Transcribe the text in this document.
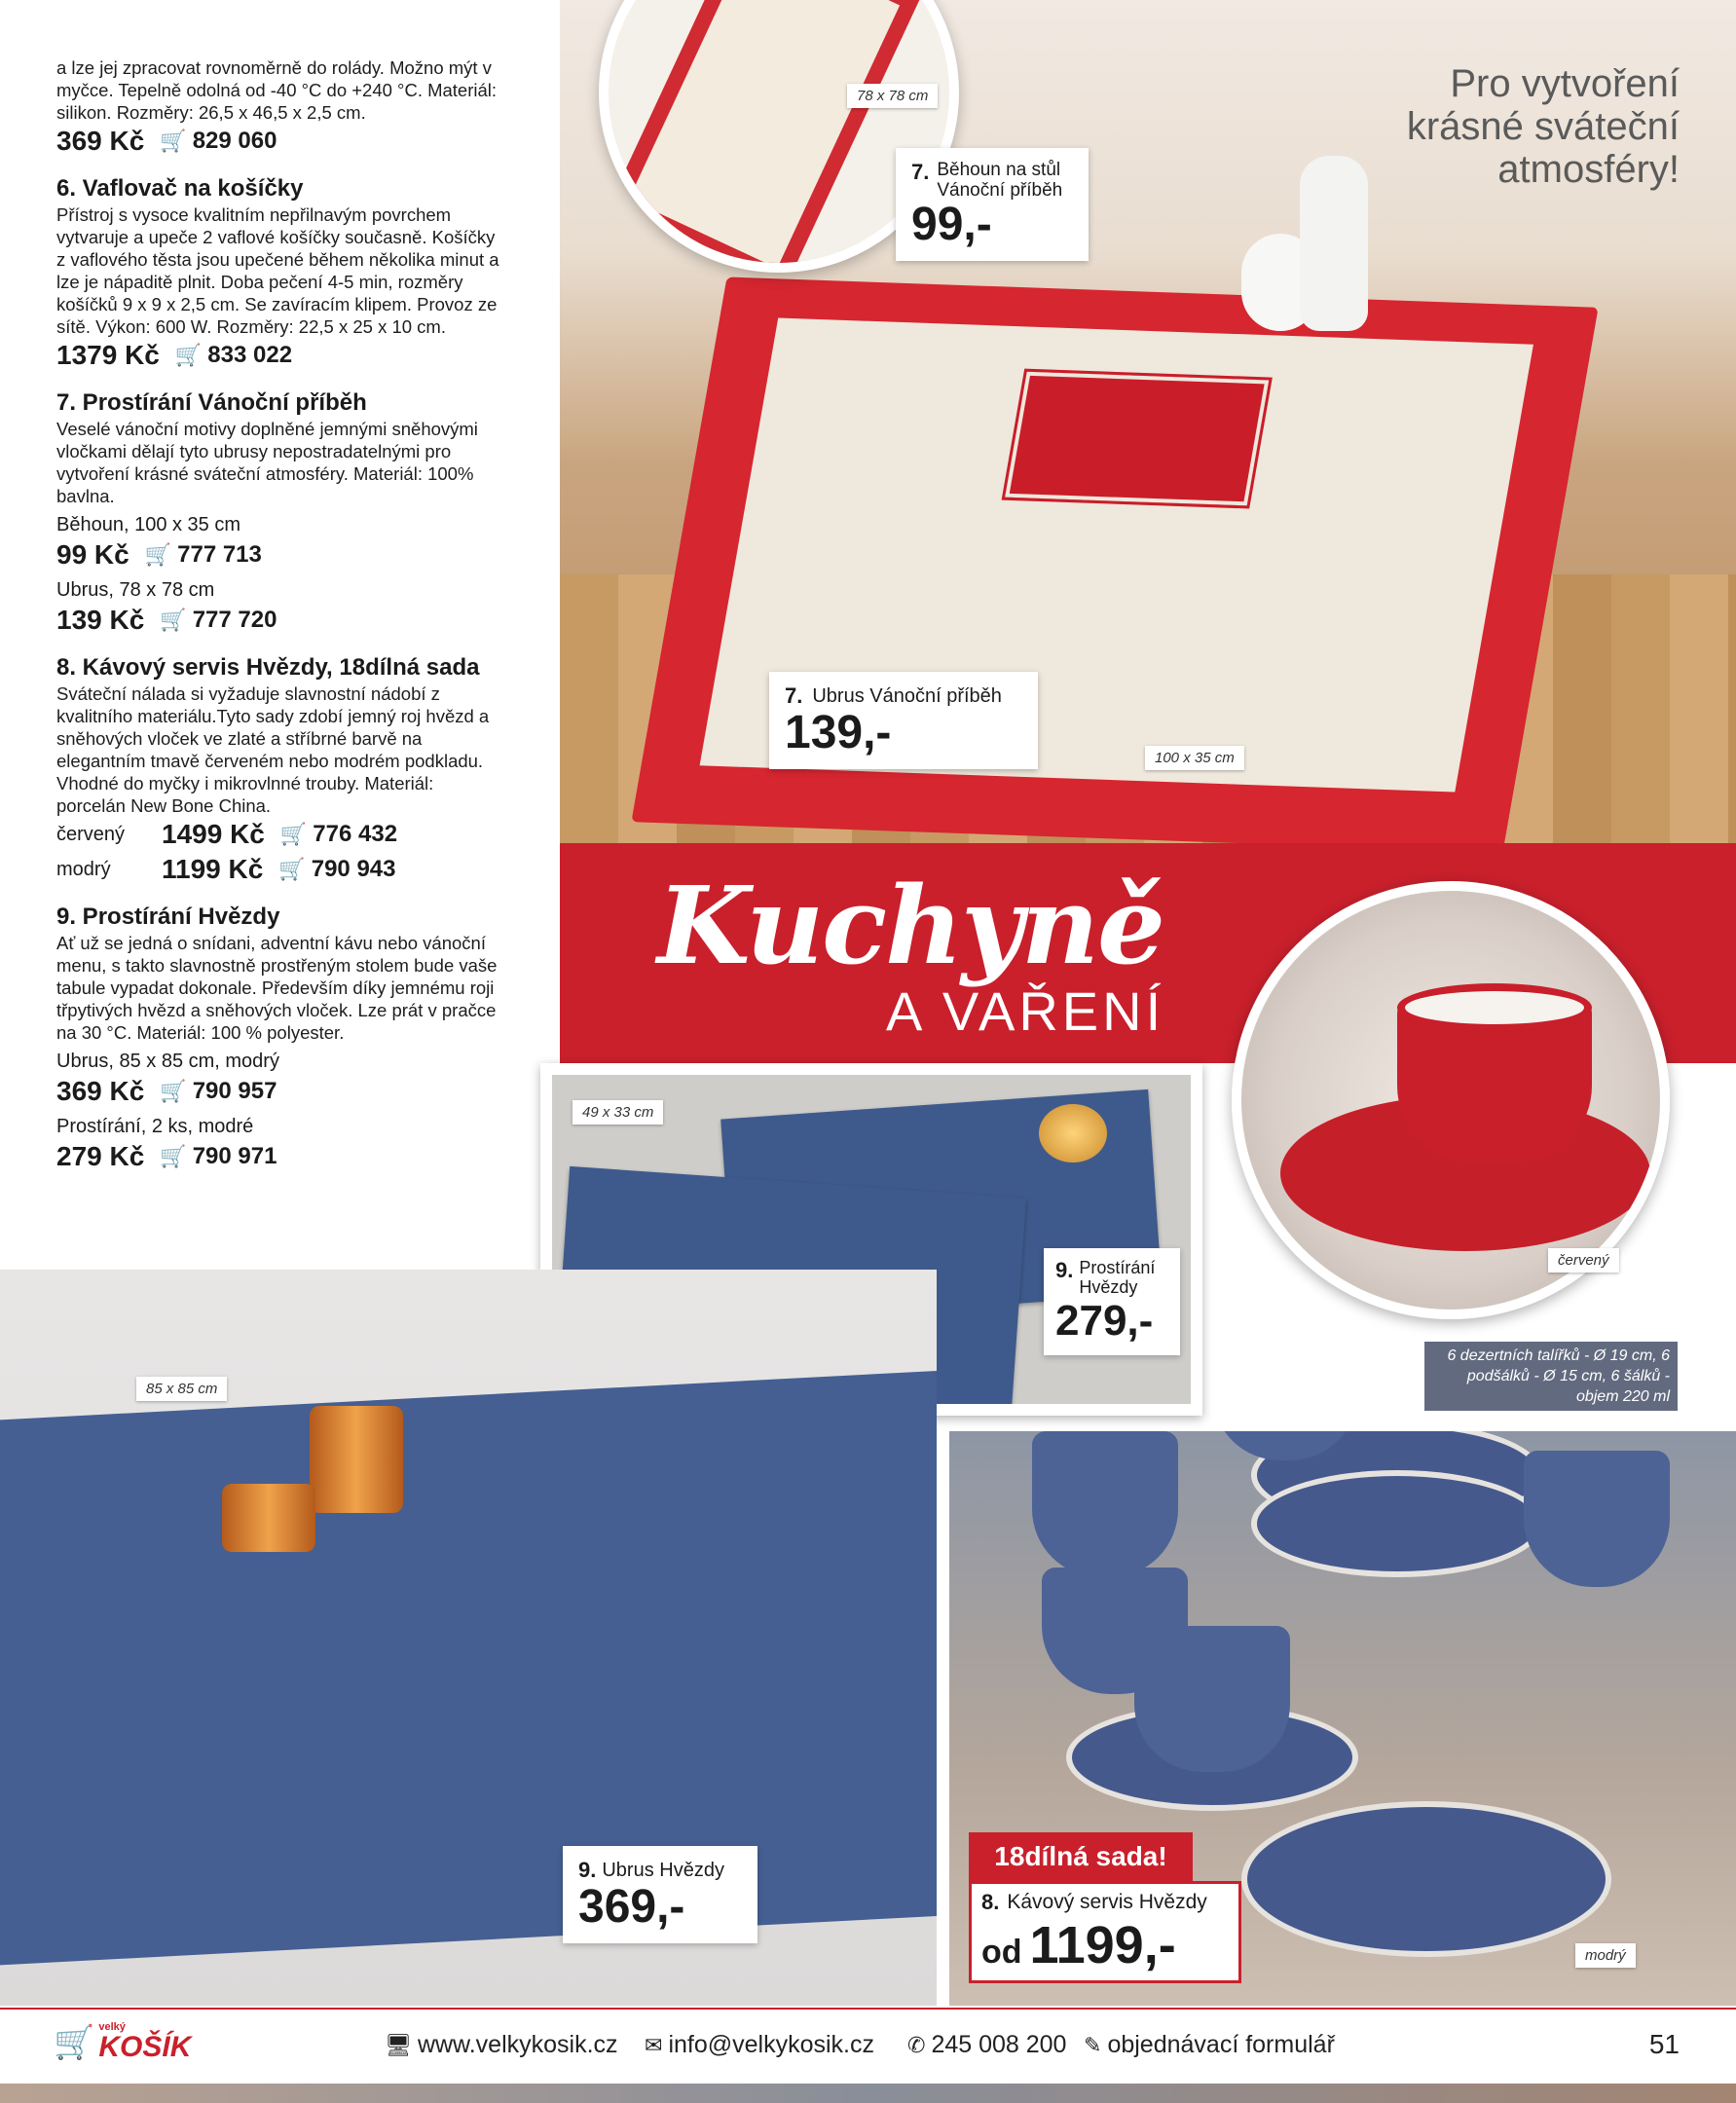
a lze jej zpracovat rovnoměrně do rolády. Možno mýt v myčce. Tepelně odolná od -40 °C do +240 °C. Materiál: silikon. Rozměry: 26,5 x 46,5 x 2,5 cm.
369 Kč 🛒 829 060
6. Vaflovač na košíčky
Přístroj s vysoce kvalitním nepřilnavým povrchem vytvaruje a upeče 2 vaflové košíčky současně. Košíčky z vaflového těsta jsou upečené během několika minut a lze je nápaditě plnit. Doba pečení 4-5 min, rozměry košíčků 9 x 9 x 2,5 cm. Se zavíracím klipem. Provoz ze sítě. Výkon: 600 W. Rozměry: 22,5 x 25 x 10 cm.
1379 Kč 🛒 833 022
7. Prostírání Vánoční příběh
Veselé vánoční motivy doplněné jemnými sněhovými vločkami dělají tyto ubrusy nepostradatelnými pro vytvoření krásné sváteční atmosféry. Materiál: 100% bavlna.
Běhoun, 100 x 35 cm
99 Kč 🛒 777 713
Ubrus, 78 x 78 cm
139 Kč 🛒 777 720
8. Kávový servis Hvězdy, 18dílná sada
Sváteční nálada si vyžaduje slavnostní nádobí z kvalitního materiálu.Tyto sady zdobí jemný roj hvězd a sněhových vloček ve zlaté a stříbrné barvě na elegantním tmavě červeném nebo modrém podkladu. Vhodné do myčky i mikrovlnné trouby. Materiál: porcelán New Bone China.
červený	1499 Kč 🛒 776 432
modrý	1199 Kč 🛒 790 943
9. Prostírání Hvězdy
Ať už se jedná o snídani, adventní kávu nebo vánoční menu, s takto slavnostně prostřeným stolem bude vaše tabule vypadat dokonale. Především díky jemnému roji třpytivých hvězd a sněhových vloček. Lze prát v pračce na 30 °C. Materiál: 100 % polyester.
Ubrus, 85 x 85 cm, modrý
369 Kč 🛒 790 957
Prostírání, 2 ks, modré
279 Kč 🛒 790 971
Pro vytvoření krásné sváteční atmosféry!
78 x 78 cm
7. Běhoun na stůl Vánoční příběh
99,-
7. Ubrus Vánoční příběh
139,-	100 x 35 cm
Kuchyně
A VAŘENÍ
červený
49 x 33 cm
9. Prostírání Hvězdy
279,-
85 x 85 cm
9. Ubrus Hvězdy
369,-
6 dezertních talířků - Ø 19 cm, 6 podšálků - Ø 15 cm, 6 šálků - objem 220 ml
18dílná sada!
8. Kávový servis Hvězdy
od 1199,-	modrý
🛒 velký
KOŠÍK	🖥 www.velkykosik.cz ✉ info@velkykosik.cz ✆ 245 008 200 ✎ objednávací formulář	51
